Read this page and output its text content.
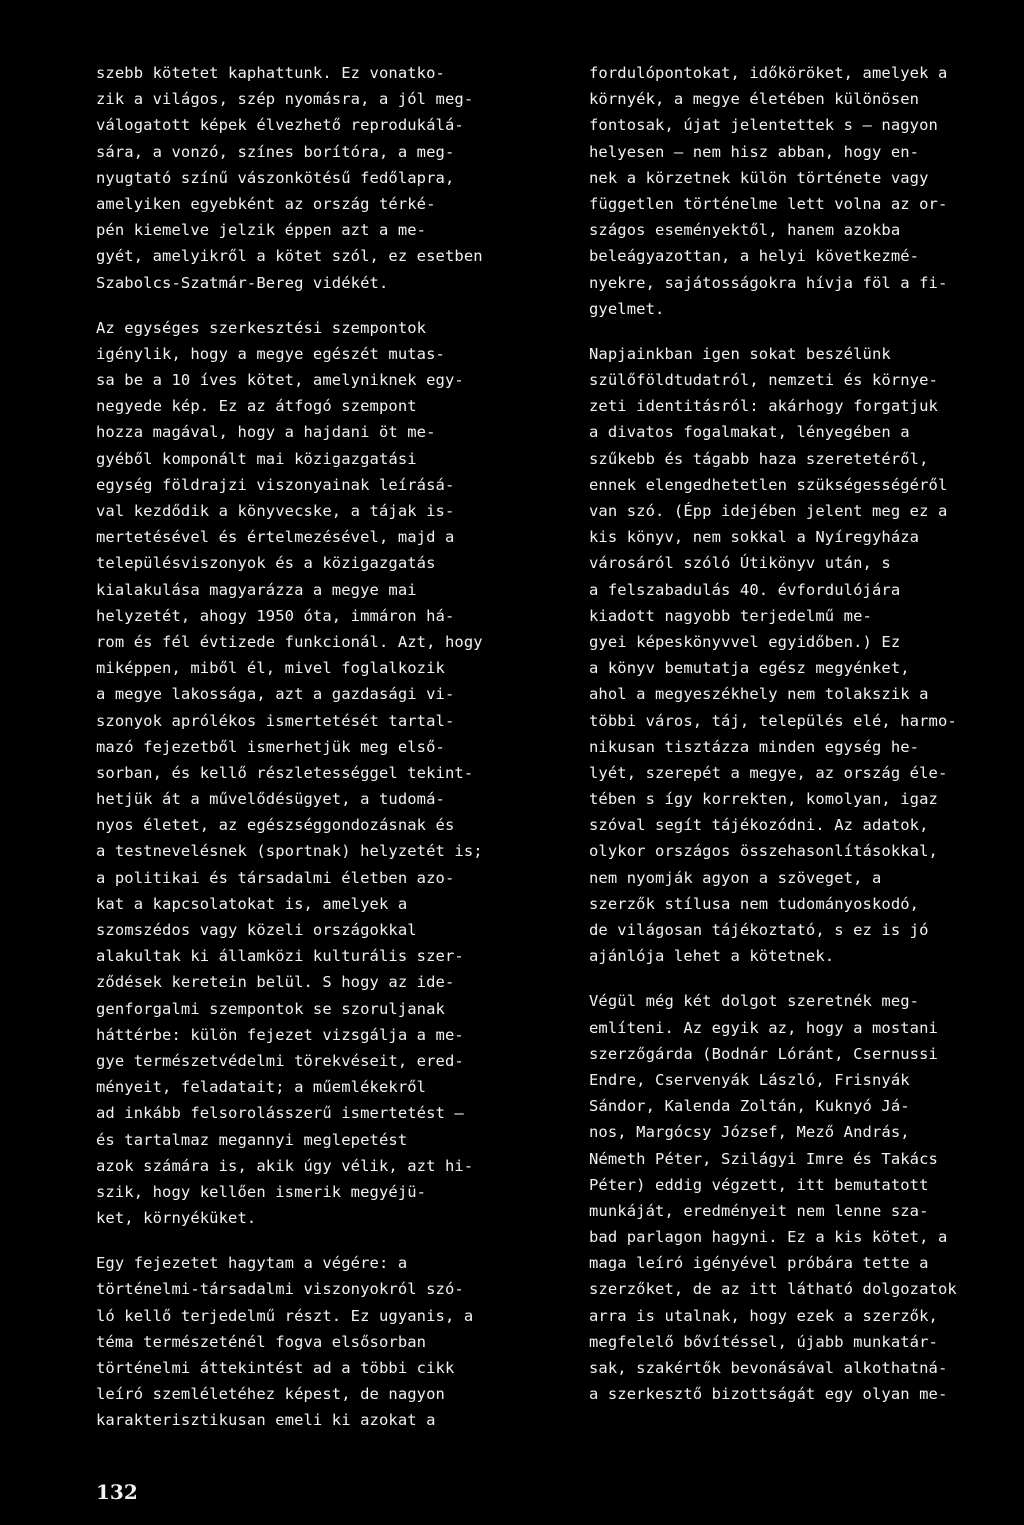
szebb kötetet kaphattunk. Ez vonatko-
zik a világos, szép nyomásra, a jól meg-
válogatott képek élvezhető reprodukálá-
sára, a vonzó, színes borítóra, a meg-
nyugtató színű vászonkötésű fedőlapra,
amelyiken egyebként az ország térké-
pén kiemelve jelzik éppen azt a me-
gyét, amelyikről a kötet szól, ez esetben
Szabolcs-Szatmár-Bereg vidékét.
Az egységes szerkesztési szempontok
igénylik, hogy a megye egészét mutas-
sa be a 10 íves kötet, amelyniknek egy-
negyede kép. Ez az átfogó szempont
hozza magával, hogy a hajdani öt me-
gyéből komponált mai közigazgatási
egység földrajzi viszonyainak leírásá-
val kezdődik a könyvecske, a tájak is-
mertetésével és értelmezésével, majd a
településviszonyok és a közigazgatás
kialakulása magyarázza a megye mai
helyzetét, ahogy 1950 óta, immáron há-
rom és fél évtizede funkcionál. Azt, hogy
miképpen, miből él, mivel foglalkozik
a megye lakossága, azt a gazdasági vi-
szonyok aprólékos ismertetését tartal-
mazó fejezetből ismerhetjük meg első-
sorban, és kellő részletességgel tekint-
hetjük át a művelődésügyet, a tudomá-
nyos életet, az egészséggondozásnak és
a testnevelésnek (sportnak) helyzetét is;
a politikai és társadalmi életben azo-
kat a kapcsolatokat is, amelyek a
szomszédos vagy közeli országokkal
alakultak ki államközi kulturális szer-
ződések keretein belül. S hogy az ide-
genforgalmi szempontok se szoruljanak
háttérbe: külön fejezet vizsgálja a me-
gye természetvédelmi törekvéseit, ered-
ményeit, feladatait; a műemlékekről
ad inkább felsorolásszerű ismertetést —
és tartalmaz megannyi meglepetést
azok számára is, akik úgy vélik, azt hi-
szik, hogy kellően ismerik megyéjü-
ket, környéküket.
Egy fejezetet hagytam a végére: a
történelmi-társadalmi viszonyokról szó-
ló kellő terjedelmű részt. Ez ugyanis, a
téma természeténél fogva elsősorban
történelmi áttekintést ad a többi cikk
leíró szemléletéhez képest, de nagyon
karakterisztikusan emeli ki azokat a
fordulópontokat, időköröket, amelyek a
környék, a megye életében különösen
fontosak, újat jelentettek s — nagyon
helyesen — nem hisz abban, hogy en-
nek a körzetnek külön története vagy
független történelme lett volna az or-
szágos eseményektől, hanem azokba
beleágyazottan, a helyi következmé-
nyekre, sajátosságokra hívja föl a fi-
gyelmet.
Napjainkban igen sokat beszélünk
szülőföldtudatról, nemzeti és környe-
zeti identitásról: akárhogy forgatjuk
a divatos fogalmakat, lényegében a
szűkebb és tágabb haza szeretetéről,
ennek elengedhetetlen szükségességéről
van szó. (Épp idejében jelent meg ez a
kis könyv, nem sokkal a Nyíregyháza
városáról szóló Útikönyv után, s
a felszabadulás 40. évfordulójára
kiadott nagyobb terjedelmű me-
gyei képeskönyvvel egyidőben.) Ez
a könyv bemutatja egész megyénket,
ahol a megyeszékhely nem tolakszik a
többi város, táj, település elé, harmo-
nikusan tisztázza minden egység he-
lyét, szerepét a megye, az ország éle-
tében s így korrekten, komolyan, igaz
szóval segít tájékozódni. Az adatok,
olykor országos összehasonlításokkal,
nem nyomják agyon a szöveget, a
szerzők stílusa nem tudományoskodó,
de világosan tájékoztató, s ez is jó
ajánlója lehet a kötetnek.
Végül még két dolgot szeretnék meg-
említeni. Az egyik az, hogy a mostani
szerzőgárda (Bodnár Lóránt, Csernussi
Endre, Cservenyák László, Frisnyák
Sándor, Kalenda Zoltán, Kuknyó Já-
nos, Margócsy József, Mező András,
Németh Péter, Szilágyi Imre és Takács
Péter) eddig végzett, itt bemutatott
munkáját, eredményeit nem lenne sza-
bad parlagon hagyni. Ez a kis kötet, a
maga leíró igényével próbára tette a
szerzőket, de az itt látható dolgozatok
arra is utalnak, hogy ezek a szerzők,
megfelelő bővítéssel, újabb munkatár-
sak, szakértők bevonásával alkothatná-
a szerkesztő bizottságát egy olyan me-
132
